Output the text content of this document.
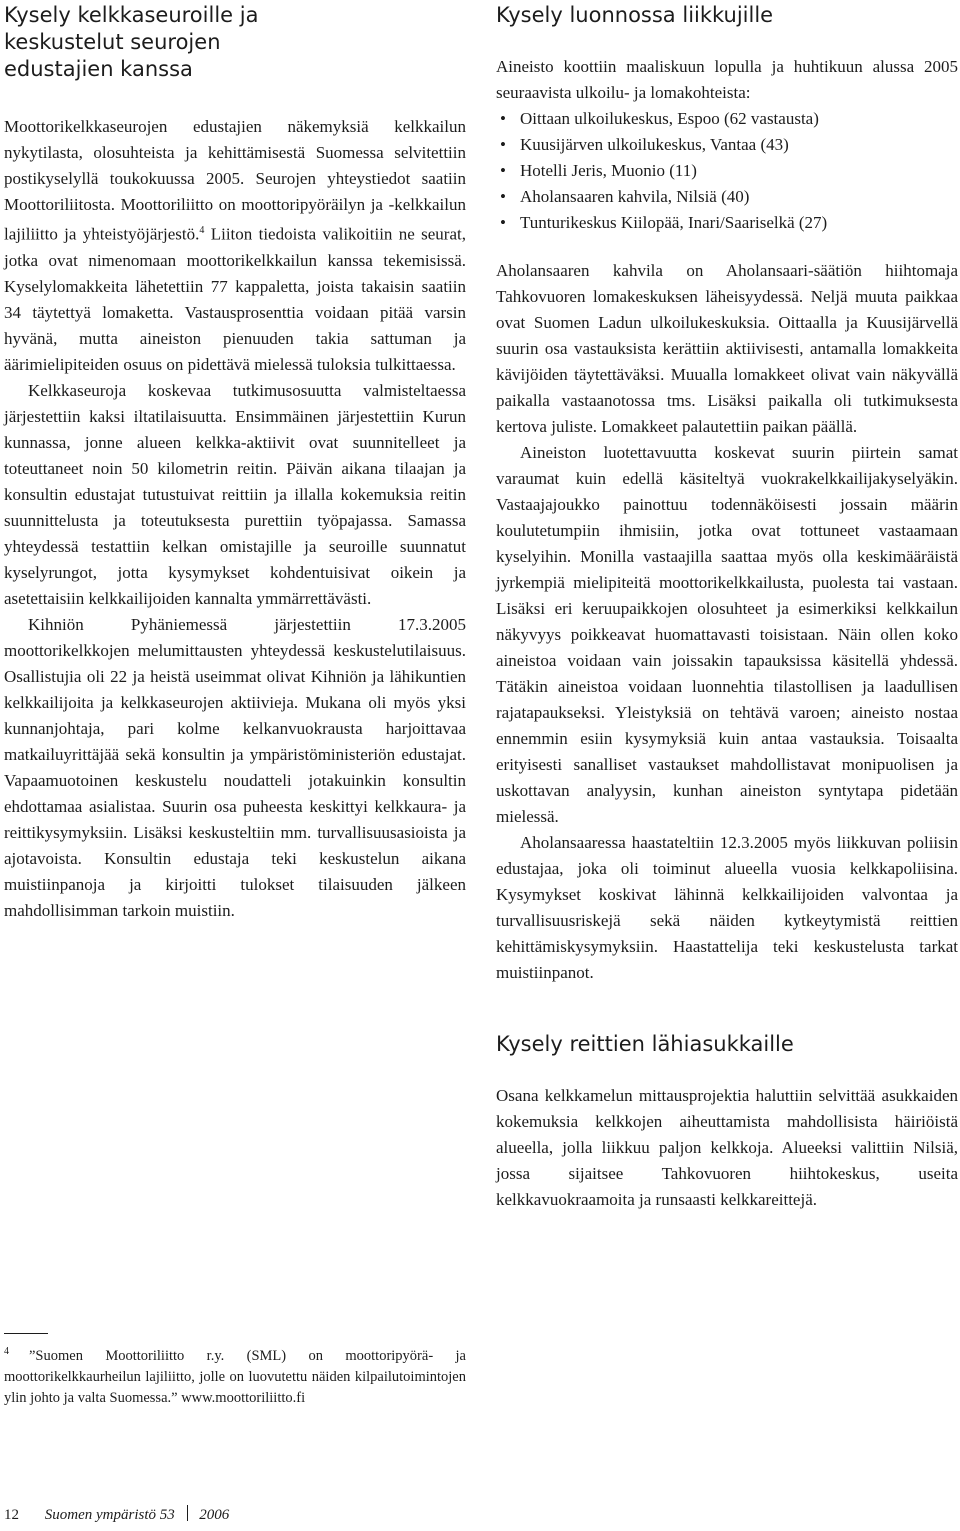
Kysely kelkkaseuroille ja keskustelut seurojen edustajien kanssa

Moottorikelkkaseurojen edustajien näkemyksiä kelkkailun nykytilasta, olosuhteista ja kehittämisestä Suomessa selvitettiin postikyselyllä toukokuussa 2005. Seurojen yhteystiedot saatiin Moottoriliitosta. Moottoriliitto on moottoripyöräilyn ja -kelkkailun lajiliitto ja yhteistyöjärjestö.$^4$ Liiton tiedoista valikoitiin ne seurat, jotka ovat nimenomaan moottorikelkkailun kanssa tekemisissä. Kyselylomakkeita lähetettiin 77 kappaletta, joista takaisin saatiin 34 täytettyä lomaketta. Vastausprosenttia voidaan pitää varsin hyvänä, mutta aineiston pienuuden takia sattuman ja äärimielipiteiden osuus on pidettävä mielessä tuloksia tulkittaessa.

Kelkkaseuroja koskevaa tutkimusosuutta valmisteltaessa järjestettiin kaksi iltatilaisuutta. Ensimmäinen järjestettiin Kurun kunnassa, jonne alueen kelkka-aktiivit ovat suunnitelleet ja toteuttaneet noin 50 kilometrin reitin. Päivän aikana tilaajan ja konsultin edustajat tutustuivat reittiin ja illalla kokemuksia reitin suunnittelusta ja toteutuksesta purettiin työpajassa. Samassa yhteydessä testattiin kelkan omistajille ja seuroille suunnatut kyselyrungot, jotta kysymykset kohdentuisivat oikein ja asetettaisiin kelkkailijoiden kannalta ymmärrettävästi.

Kihniön Pyhäniemessä järjestettiin 17.3.2005 moottorikelkkojen melumittausten yhteydessä keskustelutilaisuus. Osallistujia oli 22 ja heistä useimmat olivat Kihniön ja lähikuntien kelkkailijoita ja kelkkaseurojen aktiivieja. Mukana oli myös yksi kunnanjohtaja, pari kolme kelkanvuokrausta harjoittavaa matkailuyrittäjää sekä konsultin ja ympäristöministeriön edustajat. Vapaamuotoinen keskustelu noudatteli jotakuinkin konsultin ehdottamaa asialistaa. Suurin osa puheesta keskittyi kelkkaura- ja reittikysymyksiin. Lisäksi keskusteltiin mm. turvallisuusasioista ja ajotavoista. Konsultin edustaja teki keskustelun aikana muistiinpanoja ja kirjoitti tulokset tilaisuuden jälkeen mahdollisimman tarkoin muistiin.

Kysely luonnossa liikkujille

Aineisto koottiin maaliskuun lopulla ja huhtikuun alussa 2005 seuraavista ulkoilu- ja lomakohteista:

• Oittaan ulkoilukeskus, Espoo (62 vastausta)
• Kuusijärven ulkoilukeskus, Vantaa (43)
• Hotelli Jeris, Muonio (11)
• Aholansaaren kahvila, Nilsiä (40)
• Tunturikeskus Kiilopää, Inari/Saariselkä (27)

Aholansaaren kahvila on Aholansaari-säätiön hiihtomaja Tahkovuoren lomakeskuksen läheisyydessä. Neljä muuta paikkaa ovat Suomen Ladun ulkoilukeskuksia. Oittaalla ja Kuusijärvellä suurin osa vastauksista kerättiin aktiivisesti, antamalla lomakkeita kävijöiden täytettäväksi. Muualla lomakkeet olivat vain näkyvällä paikalla vastaanotossa tms. Lisäksi paikalla oli tutkimuksesta kertova juliste. Lomakkeet palautettiin paikan päällä.

Aineiston luotettavuutta koskevat suurin piirtein samat varaumat kuin edellä käsiteltyä vuokrakelkkailijakyselyäkin. Vastaajajoukko painottuu todennäköisesti jossain määrin koulutetumpiin ihmisiin, jotka ovat tottuneet vastaamaan kyselyihin. Monilla vastaajilla saattaa myös olla keskimääräistä jyrkempiä mielipiteitä moottorikelkkailusta, puolesta tai vastaan. Lisäksi eri keruupaikkojen olosuhteet ja esimerkiksi kelkkailun näkyvyys poikkeavat huomattavasti toisistaan. Näin ollen koko aineistoa voidaan vain joissakin tapauksissa käsitellä yhdessä. Tätäkin aineistoa voidaan luonnehtia tilastollisen ja laadullisen rajatapaukseksi. Yleistyksiä on tehtävä varoen; aineisto nostaa ennemmin esiin kysymyksiä kuin antaa vastauksia. Toisaalta erityisesti sanalliset vastaukset mahdollistavat monipuolisen ja uskottavan analyysin, kunhan aineiston syntytapa pidetään mielessä.

Aholansaaressa haastateltiin 12.3.2005 myös liikkuvan poliisin edustajaa, joka oli toiminut alueella vuosia kelkkapoliisina. Kysymykset koskivat lähinnä kelkkailijoiden valvontaa ja turvallisuusriskejä sekä näiden kytkeytymistä reittien kehittämiskysymyksiin. Haastattelija teki keskustelusta tarkat muistiinpanot.

Kysely reittien lähiasukkaille

Osana kelkkamelun mittausprojektia haluttiin selvittää asukkaiden kokemuksia kelkkojen aiheuttamista mahdollisista häiriöistä alueella, jolla liikkuu paljon kelkkoja. Alueeksi valittiin Nilsiä, jossa sijaitsee Tahkovuoren hiihtokeskus, useita kelkkavuokraamoita ja runsaasti kelkkareittejä.

$^4$ ”Suomen Moottoriliitto r.y. (SML) on moottoripyörä- ja moottorikelkkaurheilun lajiliitto, jolle on luovutettu näiden kilpailutoimintojen ylin johto ja valta Suomessa.” www.moottoriliitto.fi
12 Suomen ympäristö 53 2006
